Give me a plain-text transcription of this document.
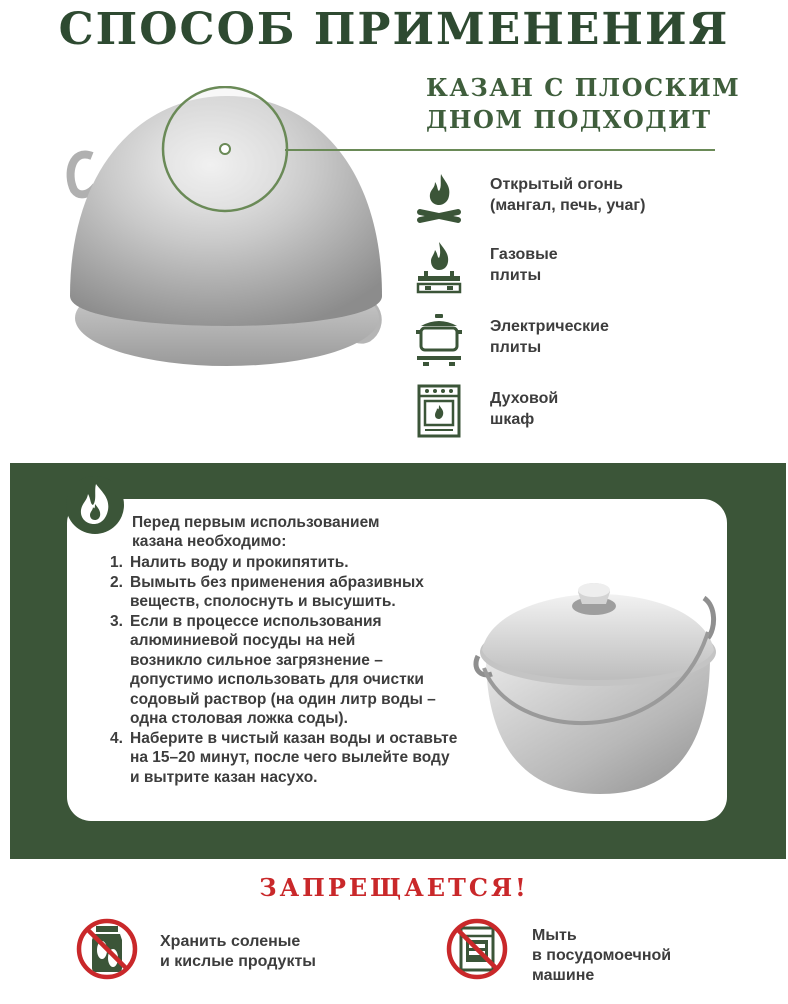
СПОСОБ ПРИМЕНЕНИЯ
КАЗАН С ПЛОСКИМ
ДНОМ ПОДХОДИТ
Открытый огонь
(мангал, печь, учаг)
Газовые
плиты
Электрические
плиты
Духовой
шкаф
Перед первым использованием
казана необходимо:
1. Налить воду и прокипятить.
2. Вымыть без применения абразивных
веществ, сполоснуть и высушить.
3. Если в процессе использования
алюминиевой посуды на ней
возникло сильное загрязнение –
допустимо использовать для очистки
содовый раствор (на один литр воды –
одна столовая ложка соды).
4. Наберите в чистый казан воды и оставьте
на 15–20 минут, после чего вылейте воду
и вытрите казан насухо.
ЗАПРЕЩАЕТСЯ!
Хранить соленые
и кислые продукты
Мыть
в посудомоечной
машине
